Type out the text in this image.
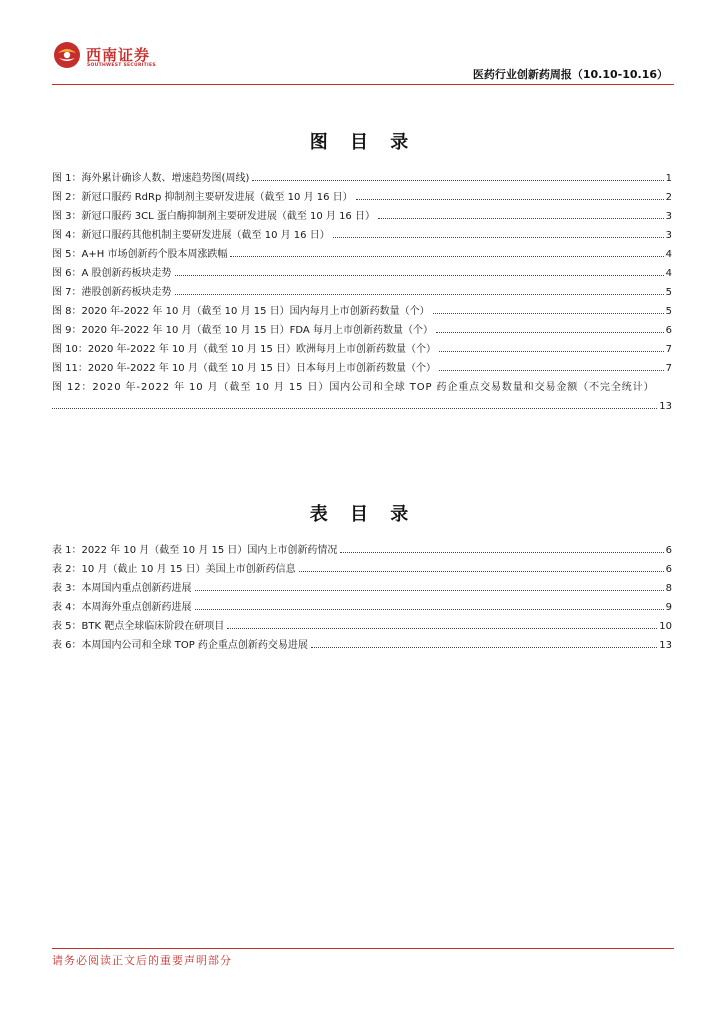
西南证券
SOUTHWEST SECURITIES
医药行业创新药周报（10.10-10.16）
图 目 录
图 1：海外累计确诊人数、增速趋势图(周线)	1
图 2：新冠口服药 RdRp 抑制剂主要研发进展（截至 10 月 16 日）	2
图 3：新冠口服药 3CL 蛋白酶抑制剂主要研发进展（截至 10 月 16 日）	3
图 4：新冠口服药其他机制主要研发进展（截至 10 月 16 日）	3
图 5：A+H 市场创新药个股本周涨跌幅	4
图 6：A 股创新药板块走势	4
图 7：港股创新药板块走势	5
图 8：2020 年-2022 年 10 月（截至 10 月 15 日）国内每月上市创新药数量（个）	5
图 9：2020 年-2022 年 10 月（截至 10 月 15 日）FDA 每月上市创新药数量（个）	6
图 10：2020 年-2022 年 10 月（截至 10 月 15 日）欧洲每月上市创新药数量（个）	7
图 11：2020 年-2022 年 10 月（截至 10 月 15 日）日本每月上市创新药数量（个）	7
图 12：2020 年-2022 年 10 月（截至 10 月 15 日）国内公司和全球 TOP 药企重点交易数量和交易金额（不完全统计）
13
表 目 录
表 1：2022 年 10 月（截至 10 月 15 日）国内上市创新药情况	6
表 2：10 月（截止 10 月 15 日）美国上市创新药信息	6
表 3：本周国内重点创新药进展	8
表 4：本周海外重点创新药进展	9
表 5：BTK 靶点全球临床阶段在研项目	10
表 6：本周国内公司和全球 TOP 药企重点创新药交易进展	13
请务必阅读正文后的重要声明部分
